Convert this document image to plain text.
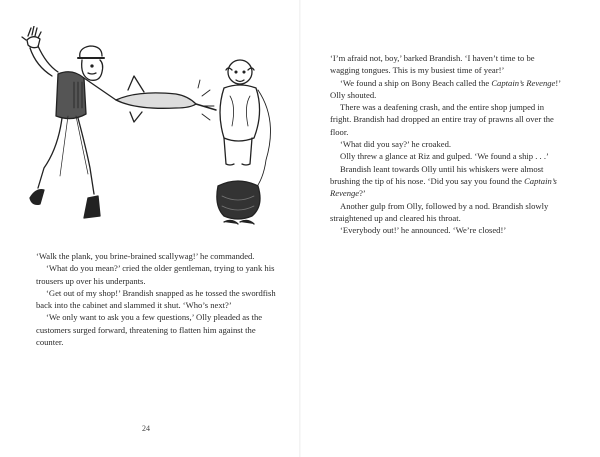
‘Walk the plank, you brine-brained scallywag!’ he commanded.

‘What do you mean?’ cried the older gentleman, trying to yank his trousers up over his underpants.

‘Get out of my shop!’ Brandish snapped as he tossed the swordfish back into the cabinet and slammed it shut. ‘Who’s next?’

‘We only want to ask you a few questions,’ Olly pleaded as the customers surged forward, threatening to flatten him against the counter.

24

‘I’m afraid not, boy,’ barked Brandish. ‘I haven’t time to be wagging tongues. This is my busiest time of year!’

‘We found a ship on Bony Beach called the Captain’s Revenge!’ Olly shouted.

There was a deafening crash, and the entire shop jumped in fright. Brandish had dropped an entire tray of prawns all over the floor.

‘What did you say?’ he croaked.

Olly threw a glance at Riz and gulped. ‘We found a ship . . .’

Brandish leant towards Olly until his whiskers were almost brushing the tip of his nose. ‘Did you say you found the Captain’s Revenge?’

Another gulp from Olly, followed by a nod. Brandish slowly straightened up and cleared his throat.

‘Everybody out!’ he announced. ‘We’re closed!’
